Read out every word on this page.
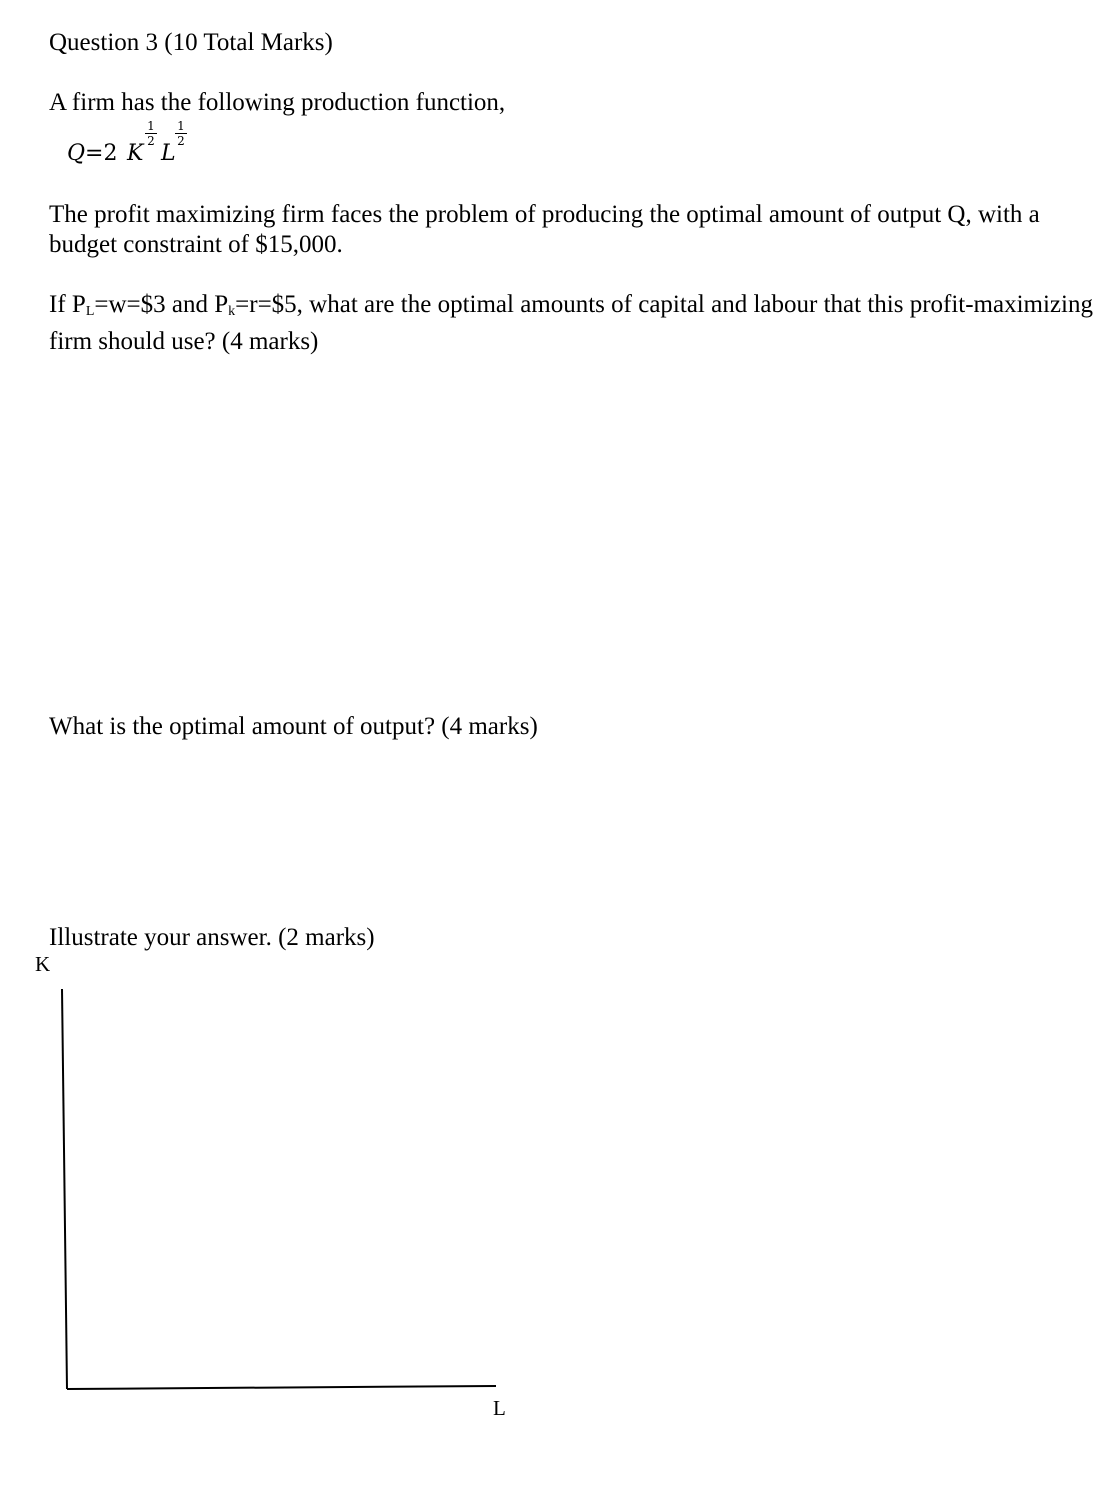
Question 3 (10 Total Marks)
A firm has the following production function,
Q=2 K
$\frac{1}{2}$
L
$\frac{1}{2}$
The profit maximizing firm faces the problem of producing the optimal amount of output Q, with a budget constraint of $15,000.
If $P_L=w=\$3$ and $P_k=r=\$5$, what are the optimal amounts of capital and labour that this profit-maximizing firm should use? (4 marks)
What is the optimal amount of output? (4 marks)
Illustrate your answer. (2 marks)
K
L
